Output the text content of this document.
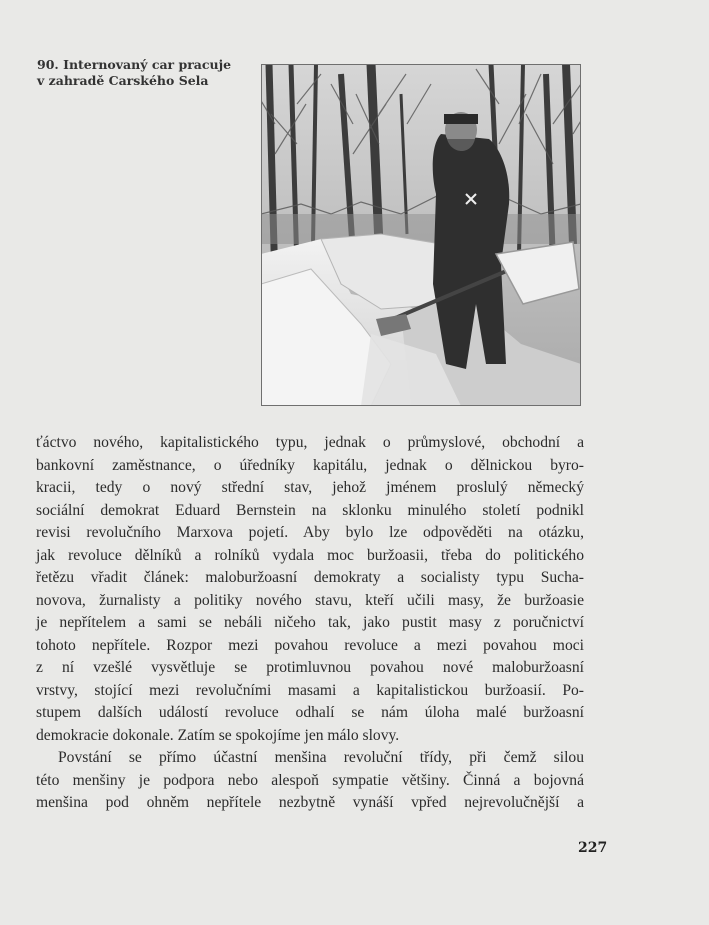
90. Internovaný car pracuje
v zahradě Carského Sela
ťáctvo nového, kapitalistického typu, jednak o průmyslové, obchodní a
bankovní zaměstnance, o úředníky kapitálu, jednak o dělnickou byro-
kracii, tedy o nový střední stav, jehož jménem proslulý německý
sociální demokrat Eduard Bernstein na sklonku minulého století podnikl
revisi revolučního Marxova pojetí. Aby bylo lze odpověděti na otázku,
jak revoluce dělníků a rolníků vydala moc buržoasii, třeba do politického
řetězu vřadit článek: maloburžoasní demokraty a socialisty typu Sucha-
novova, žurnalisty a politiky nového stavu, kteří učili masy, že buržoasie
je nepřítelem a sami se nebáli ničeho tak, jako pustit masy z poručnictví
tohoto nepřítele. Rozpor mezi povahou revoluce a mezi povahou moci
z ní vzešlé vysvětluje se protimluvnou povahou nové maloburžoasní
vrstvy, stojící mezi revolučními masami a kapitalistickou buržoasií. Po-
stupem dalších událostí revoluce odhalí se nám úloha malé buržoasní
demokracie dokonale. Zatím se spokojíme jen málo slovy.
Povstání se přímo účastní menšina revoluční třídy, při čemž silou
této menšiny je podpora nebo alespoň sympatie většiny. Činná a bojovná
menšina pod ohněm nepřítele nezbytně vynáší vpřed nejrevolučnější a
227
